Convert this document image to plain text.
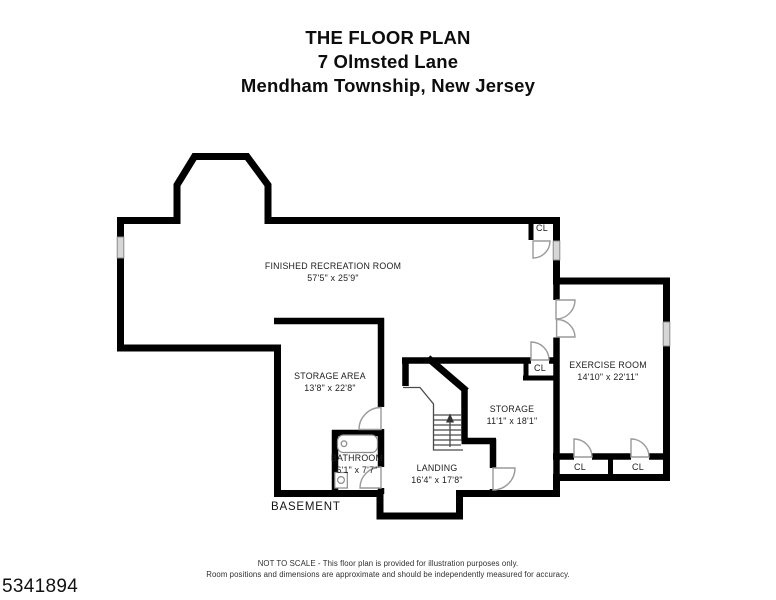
THE FLOOR PLAN
7 Olmsted Lane
Mendham Township, New Jersey
FINISHED RECREATION ROOM
57'5" x 25'9"
STORAGE AREA
13'8" x 22'8"
BATHROOM
6'1" x 7'7"	LANDING
16'4" x 17'8"
STORAGE
11'1" x 18'1"
EXERCISE ROOM
14'10" x 22'11"
CL
CL
CL	CL
BASEMENT
NOT TO SCALE - This floor plan is provided for illustration purposes only.
Room positions and dimensions are approximate and should be independently measured for accuracy.
5341894
